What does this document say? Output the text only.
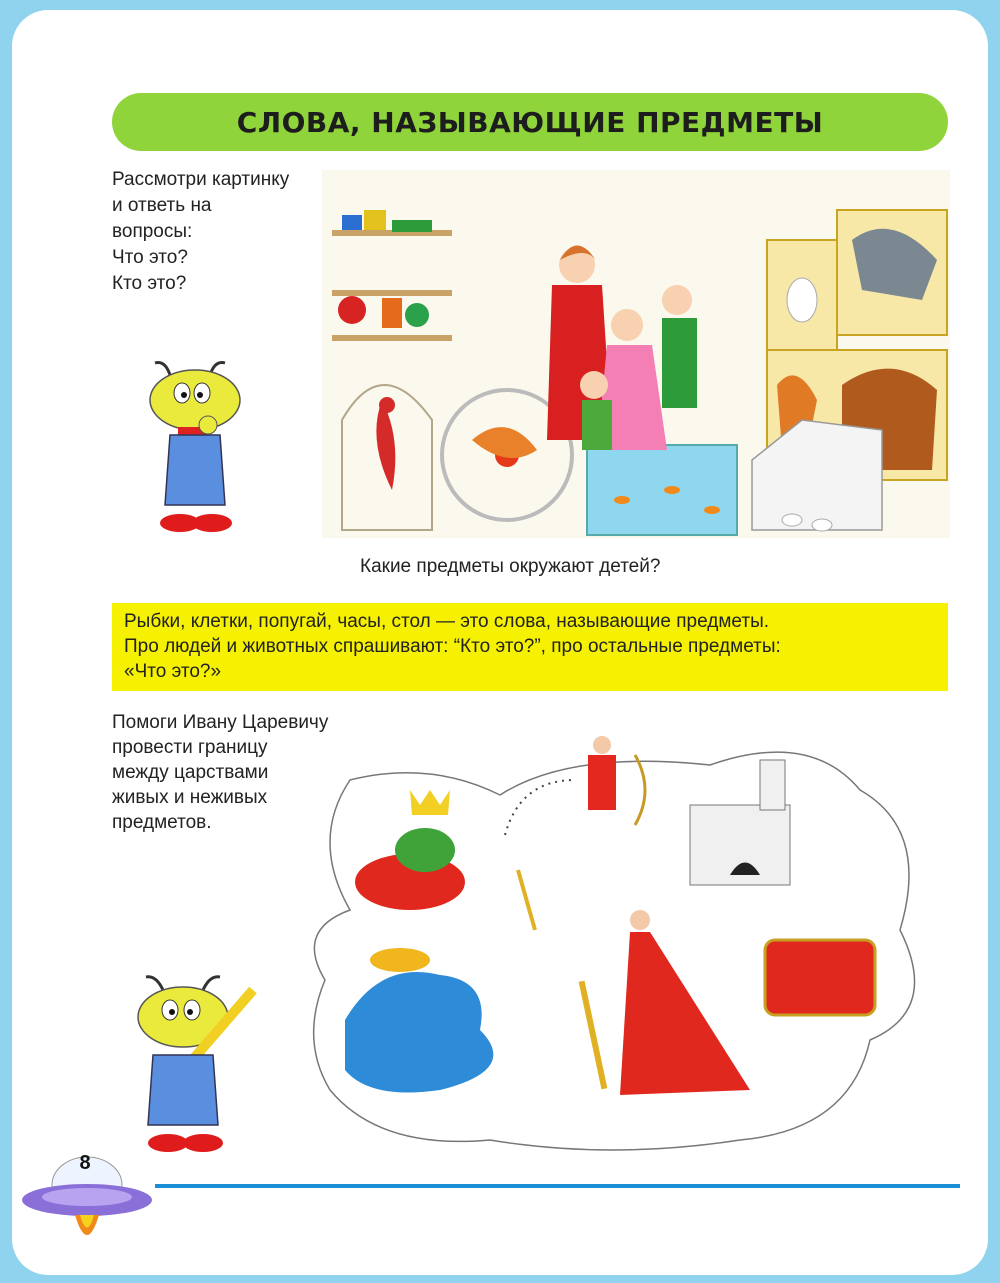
СЛОВА, НАЗЫВАЮЩИЕ ПРЕДМЕТЫ
Рассмотри картинку
и ответь на
вопросы:
Что это?
Кто это?
Какие предметы окружают детей?
Рыбки, клетки, попугай, часы, стол — это слова, называющие предметы.
Про людей и животных спрашивают: “Кто это?”, про остальные предметы:
«Что это?»
Помоги Ивану Царевичу
провести границу
между царствами
живых и неживых
предметов.
8
